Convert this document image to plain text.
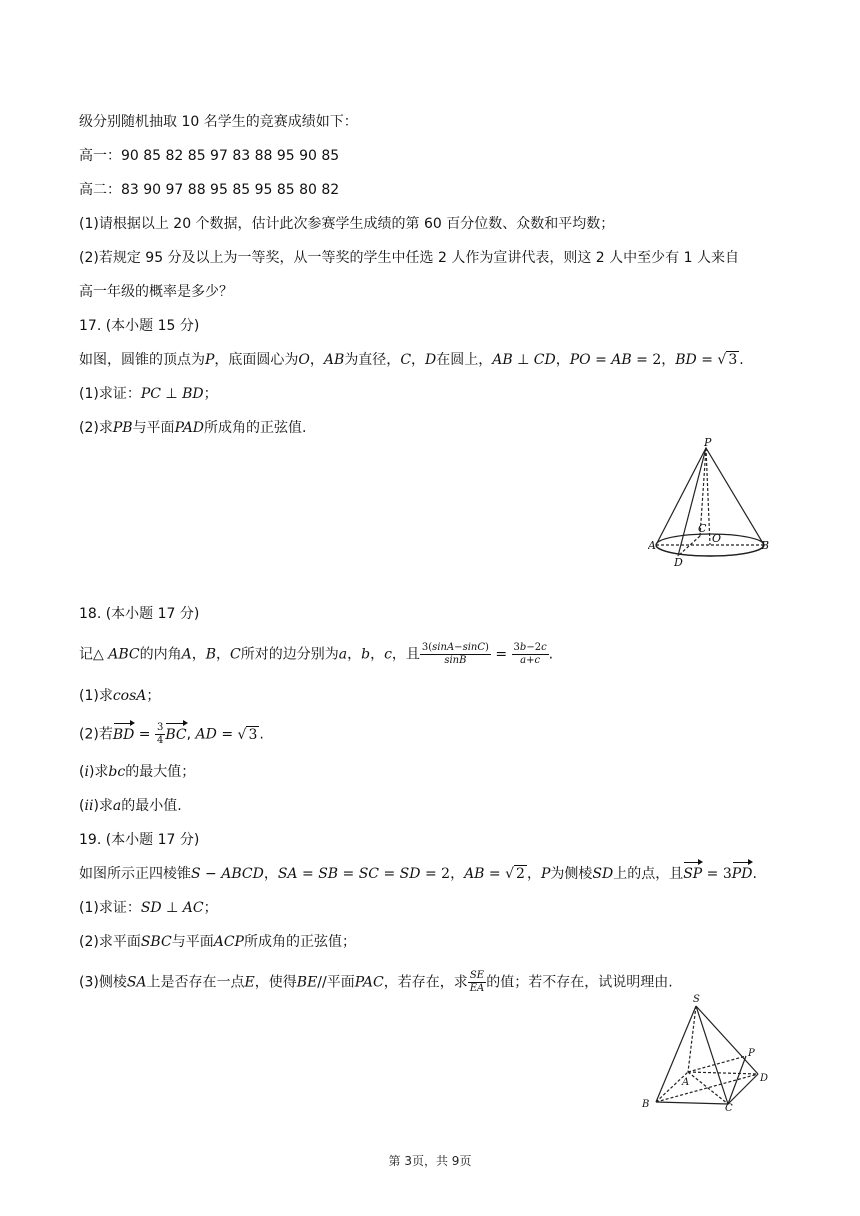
级分别随机抽取 10 名学生的竞赛成绩如下：
高一：90 85 82 85 97 83 88 95 90 85
高二：83 90 97 88 95 85 95 85 80 82
(1)请根据以上 20 个数据，估计此次参赛学生成绩的第 60 百分位数、众数和平均数；
(2)若规定 95 分及以上为一等奖，从一等奖的学生中任选 2 人作为宣讲代表，则这 2 人中至少有 1 人来自
高一年级的概率是多少？
17. (本小题 15 分)
如图，圆锥的顶点为P，底面圆心为O，AB为直径，C，D在圆上，AB ⊥ CD，PO = AB = 2，BD = √ 3 .
(1)求证：PC ⊥ BD；
(2)求PB与平面PAD所成角的正弦值.
P
C
O
A	B
D
18. (本小题 17 分)
记△ ABC的内角A，B，C所对的边分别为a，b，c，且 $\frac{3(\sin A-\sin C)}{\sin B} = \frac{3b-2c}{a+c}$ .
(1)求cosA；
(2)若BD = $\frac{3}{4}$ BC, AD = √ 3 .
(i)求bc的最大值；
(ii)求a的最小值.
19. (本小题 17 分)
如图所示正四棱锥S − ABCD，SA = SB = SC = SD = 2，AB = √ 2 ，P为侧棱SD上的点，且SP = 3PD.
(1)求证：SD ⊥ AC；
(2)求平面SBC与平面ACP所成角的正弦值；
(3)侧棱SA上是否存在一点E，使得BE//平面PAC，若存在，求 $\frac{SE}{EA}$ 的值；若不存在，试说明理由.
S
P
A	D
B	C
第 3页，共 9页
